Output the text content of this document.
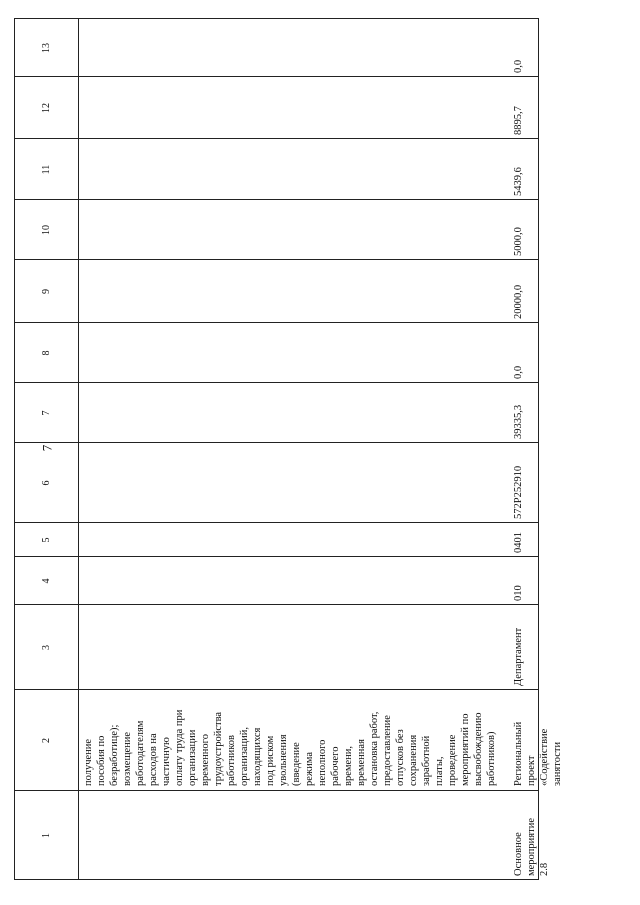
7
1
2
3
4
5
6
7
8
9
10
11
12
13
получение
пособия по
безработице);
возмещение
работодателям
расходов на
частичную
оплату труда при
организации
временного
трудоустройства
работников
организаций,
находящихся
под риском
увольнения
(введение
режима
неполного
рабочего
времени,
временная
остановка работ,
предоставление
отпусков без
сохранения
заработной
платы,
проведение
мероприятий по
высвобождению
работников)
Основное
мероприятие
2.8
Региональный
проект
«Содействие
занятости
Департамент
010
0401
572P252910
39335,3
0,0
20000,0
5000,0
5439,6
8895,7
0,0
